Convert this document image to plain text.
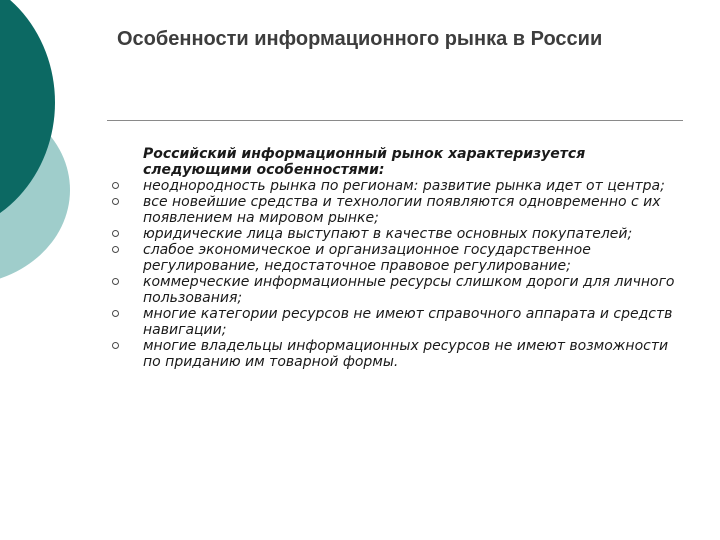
Особенности информационного рынка в России
Российский информационный рынок характеризуется следующими особенностями:
неоднородность рынка по регионам: развитие рынка идет от центра;
все новейшие средства и технологии появляются одновременно с их появлением на мировом рынке;
юридические лица выступают в качестве основных покупателей;
слабое экономическое и организационное государственное регулирование, недостаточное правовое регулирование;
коммерческие информационные ресурсы слишком дороги для личного пользования;
многие категории ресурсов не имеют справочного аппарата и средств навигации;
многие владельцы информационных ресурсов не имеют возможности по приданию им товарной формы.
